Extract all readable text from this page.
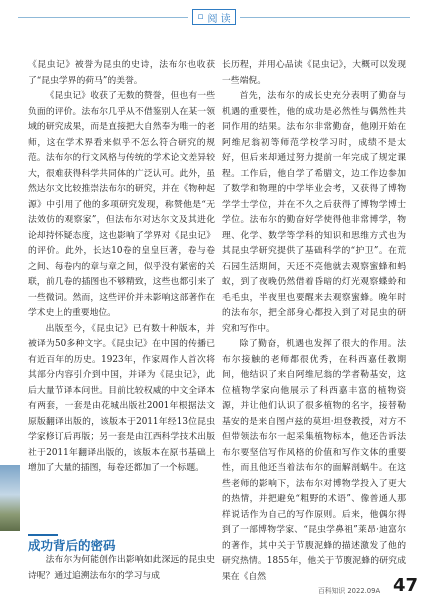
▫ 阅 读

《昆虫记》被誉为昆虫的史诗，法布尔也收获了“昆虫学界的荷马”的美誉。

《昆虫记》收获了无数的赞誉，但也有一些负面的评价。法布尔几乎从不借鉴别人在某一领域的研究成果，而是直接把大自然奉为唯一的老师，这在学术界看来似乎不怎么符合研究的规范。法布尔的行文风格与传统的学术论文差异较大，很难获得科学共同体的广泛认可。此外，虽然达尔文比较推崇法布尔的研究，并在《物种起源》中引用了他的多项研究发现，称赞他是“无法效仿的观察家”，但法布尔对达尔文及其进化论却持怀疑态度，这也影响了学界对《昆虫记》的评价。此外，长达10卷的皇皇巨著，卷与卷之间、每卷内的章与章之间，似乎没有紧密的关联，前几卷的插图也不够精致，这些也都引来了一些微词。然而，这些评价并未影响这部著作在学术史上的重要地位。

出版至今，《昆虫记》已有数十种版本，并被译为50多种文字。《昆虫记》在中国的传播已有近百年的历史。1923年，作家周作人首次将其部分内容引介到中国，并译为《昆虫记》，此后大量节译本问世。目前比较权威的中文全译本有两套，一套是由花城出版社2001年根据法文原版翻译出版的，该版本于2011年经13位昆虫学家修订后再版；另一套是由江西科学技术出版社于2011年翻译出版的，该版本在原书基础上增加了大量的插图，每卷还都加了一个标题。

成功背后的密码

法布尔为何能创作出影响如此深远的昆虫史诗呢？通过追溯法布尔的学习与成

长历程，并用心品读《昆虫记》，大概可以发现一些端倪。

首先，法布尔的成长史充分表明了勤奋与机遇的重要性，他的成功是必然性与偶然性共同作用的结果。法布尔非常勤奋，他刚开始在阿维尼翁初等师范学校学习时，成绩不是太好，但后来却通过努力提前一年完成了规定课程。工作后，他自学了希腊文，边工作边参加了数学和物理的中学毕业会考，又获得了博物学学士学位，并在不久之后获得了博物学博士学位。法布尔的勤奋好学使得他非常博学，物理、化学、数学等学科的知识和思维方式也为其昆虫学研究提供了基础科学的“护卫”。在荒石园生活期间，天还不亮他就去观察蜜蜂和蚂蚁，到了夜晚仍然借着昏暗的灯光观察蝶蛉和毛毛虫，半夜里也要醒来去观察蜜蜂。晚年时的法布尔，把全部身心都投入到了对昆虫的研究和写作中。

除了勤奋，机遇也发挥了很大的作用。法布尔接触的老师都很优秀，在科西嘉任教期间，他结识了来自阿维尼翁的学者勒基安，这位植物学家向他展示了科西嘉丰富的植物资源，并让他们认识了很多植物的名字，接替勒基安的是来自图卢兹的莫坦·坦登教授，对方不但带领法布尔一起采集植物标本，他还告诉法布尔要坚信写作风格的价值和写作文体的重要性，而且他还当着法布尔的面解剖蜗牛。在这些老师的影响下，法布尔对博物学投入了更大的热情，并把避免“粗野的术语”、像普通人那样说话作为自己的写作原则。后来，他偶尔得到了一部博物学家、“昆虫学鼻祖”莱昂·迪富尔的著作，其中关于节腹泥蜂的描述激发了他的研究热情。1855年，他关于节腹泥蜂的研究成果在《自然

百科知识 2022.09A 47
